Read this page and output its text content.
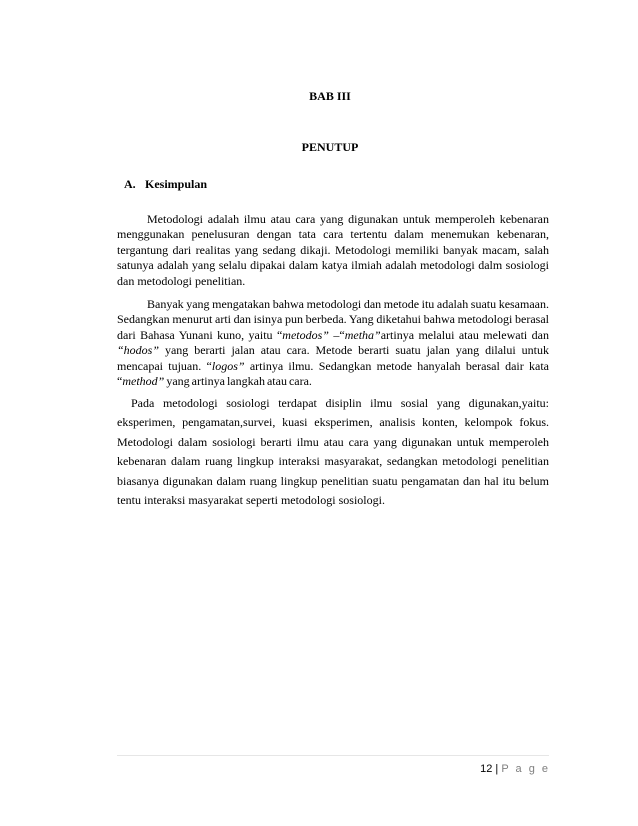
BAB III

PENUTUP

A. Kesimpulan

Metodologi adalah ilmu atau cara yang digunakan untuk memperoleh kebenaran menggunakan penelusuran dengan tata cara tertentu dalam menemukan kebenaran, tergantung dari realitas yang sedang dikaji. Metodologi memiliki banyak macam, salah satunya adalah yang selalu dipakai dalam katya ilmiah adalah metodologi dalm sosiologi dan metodologi penelitian.

Banyak yang mengatakan bahwa metodologi dan metode itu adalah suatu kesamaan. Sedangkan menurut arti dan isinya pun berbeda. Yang diketahui bahwa metodologi berasal dari Bahasa Yunani kuno, yaitu “metodos” –“metha”artinya melalui atau melewati dan “hodos” yang berarti jalan atau cara. Metode berarti suatu jalan yang dilalui untuk mencapai tujuan. “logos” artinya ilmu. Sedangkan metode hanyalah berasal dair kata “method” yang artinya langkah atau cara.

Pada metodologi sosiologi terdapat disiplin ilmu sosial yang digunakan,yaitu: eksperimen, pengamatan,survei, kuasi eksperimen, analisis konten, kelompok fokus. Metodologi dalam sosiologi berarti ilmu atau cara yang digunakan untuk memperoleh kebenaran dalam ruang lingkup interaksi masyarakat, sedangkan metodologi penelitian biasanya digunakan dalam ruang lingkup penelitian suatu pengamatan dan hal itu belum tentu interaksi masyarakat seperti metodologi sosiologi.

12 | P a g e
